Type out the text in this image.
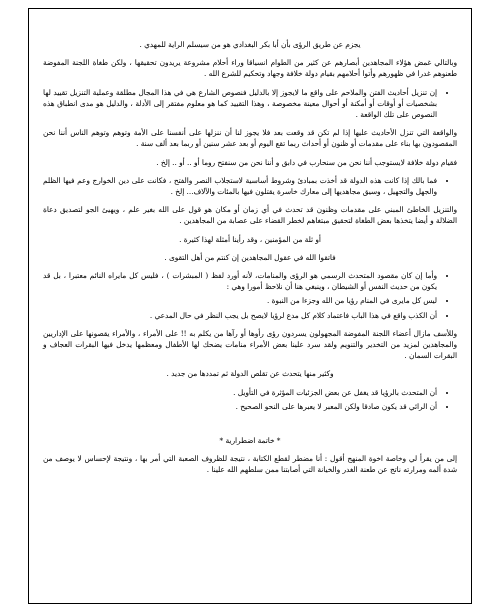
يجزم عن طريق الرؤى بأن أبا بكر البغدادي هو من سيسلم الراية للمهدي .

وبالتالي غمض هؤلاء المجاهدين أبصارهم عن كثير من الطوام انسياقا وراء أحلام مشروعة يريدون تحقيقها ، ولكن طغاة اللجنة المفوضة طعنوهم غدرا في ظهورهم وأتوا أحلامهم بقيام دولة خلافة وجهاد وتحكيم للشرع الله .

• إن تنزيل أحاديث الفتن والملاحم على واقع ما لايجوز إلا بالدليل فنصوص الشارع هي في هذا المجال مطلقة وعملية التنزيل تقييد لها بشخصيات أو أوقات أو أمكنة أو أحوال معينة مخصوصة ، وهذا التقييد كما هو معلوم مفتقر إلى الأدلة ، والدليل هو مدى انطباق هذه النصوص على تلك الواقعة .

والواقعة التي تنزل الأحاديث عليها إذا لم تكن قد وقعت بعد فلا يجوز لنا أن ننزلها على أنفسنا على الأمة وتوهم وتوهم الناس أننا نحن المقصودون بها بناء على مقدمات أو ظنون أو أحداث ربما تقع اليوم أو بعد عشر سنين أو ربما بعد ألف سنة .

فقيام دولة خلافة لايستوجب أننا نحن من سنحارب في دابق و أننا نحن من سنفتح روما أو .. أو .. إلخ .

• فما بالك إذا كانت هذه الدولة قد أخذت بمبادئ وشروط أساسية لاستجلاب النصر والفتح ، فكانت على دين الخوارج وعم فيها الظلم والجهل والتجهيل ، وسيق مجاهديها إلى معارك خاسرة يقتلون فيها بالمئات والآلاف... إلخ .

والتنزيل الخاطئ المبني على مقدمات وظنون قد تحدث في أي زمان أو مكان هو قول على الله بغير علم ، ويهيئ الجو لتصديق دعاة الضلالة و أيضا يتخذها بعض الطغاة لتحقيق مبتغاهم لخطر القضاء على عصابة من المجاهدين .

أو ثلة من المؤمنين ، وقد رأينا أمثلة لهذا كثيرة .

فاتقوا الله في عقول المجاهدين إن كنتم من أهل التقوى .

• وأما إن كان مقصود المتحدث الرسمي هو الرؤى والمنامات، لأنه أورد لفظ ( المبشرات ) ، فليس كل مايراه النائم معتبرا ، بل قد يكون من حديث النفس أو الشيطان ، وينبغي هنا أن نلاحظ أمورا وهي :
• ليس كل مايرى في المنام رؤيا من الله وجزءا من النبوة .
• أن الكذب واقع في هذا الباب فاعتماد كلام كل مدع لرؤيا لايصح بل يجب النظر في حال المدعي .

وللأسف مازال أعضاء اللجنة المفوضة المجهولون يسردون رؤى رأوها أو رآها من يكلم به !! على الأمراء ، والأمراء يقصونها على الإداريين والمجاهدين لمزيد من التخدير والتنويم ولقد سرد علينا بعض الأمراء منامات يضحك لها الأطفال ومعظمها يدخل فيها البقرات العجاف و البقرات السمان .

وكثير منها يتحدث عن تقلص الدولة ثم تمددها من جديد .

• أن المتحدث بالرؤيا قد يغفل عن بعض الجزئيات المؤثرة في التأويل .
• أن الرائي قد يكون صادقا ولكن المعبر لا يعبرها على النحو الصحيح .

* خاتمة اضطرارية *

إلى من يقرأ لي وخاصة اخوة المنهج أقول : أنا مضطر لقطع الكتابة ، نتيجة للظروف الصعبة التي أمر بها ، ونتيجة لإحساس لا يوصف من شدة ألمه ومرارته ناتج عن طعنة الغدر والخيانة التي أصابتنا ممن سلطهم الله علينا .
